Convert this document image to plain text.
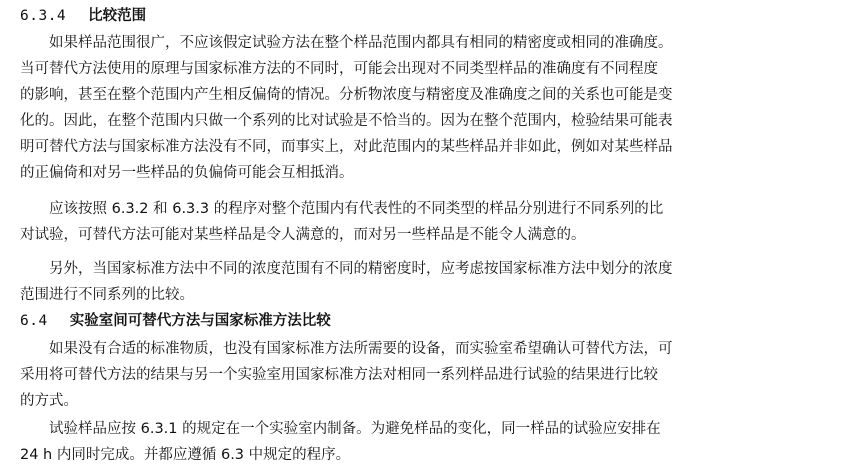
6.3.4 比较范围
如果样品范围很广，不应该假定试验方法在整个样品范围内都具有相同的精密度或相同的准确度。
当可替代方法使用的原理与国家标准方法的不同时，可能会出现对不同类型样品的准确度有不同程度
的影响，甚至在整个范围内产生相反偏倚的情况。分析物浓度与精密度及准确度之间的关系也可能是变
化的。因此，在整个范围内只做一个系列的比对试验是不恰当的。因为在整个范围内，检验结果可能表
明可替代方法与国家标准方法没有不同，而事实上，对此范围内的某些样品并非如此，例如对某些样品
的正偏倚和对另一些样品的负偏倚可能会互相抵消。
应该按照 6.3.2 和 6.3.3 的程序对整个范围内有代表性的不同类型的样品分别进行不同系列的比
对试验，可替代方法可能对某些样品是令人满意的，而对另一些样品是不能令人满意的。
另外，当国家标准方法中不同的浓度范围有不同的精密度时，应考虑按国家标准方法中划分的浓度
范围进行不同系列的比较。
6.4 实验室间可替代方法与国家标准方法比较
如果没有合适的标准物质，也没有国家标准方法所需要的设备，而实验室希望确认可替代方法，可
采用将可替代方法的结果与另一个实验室用国家标准方法对相同一系列样品进行试验的结果进行比较
的方式。
试验样品应按 6.3.1 的规定在一个实验室内制备。为避免样品的变化，同一样品的试验应安排在
24 h 内同时完成。并都应遵循 6.3 中规定的程序。
